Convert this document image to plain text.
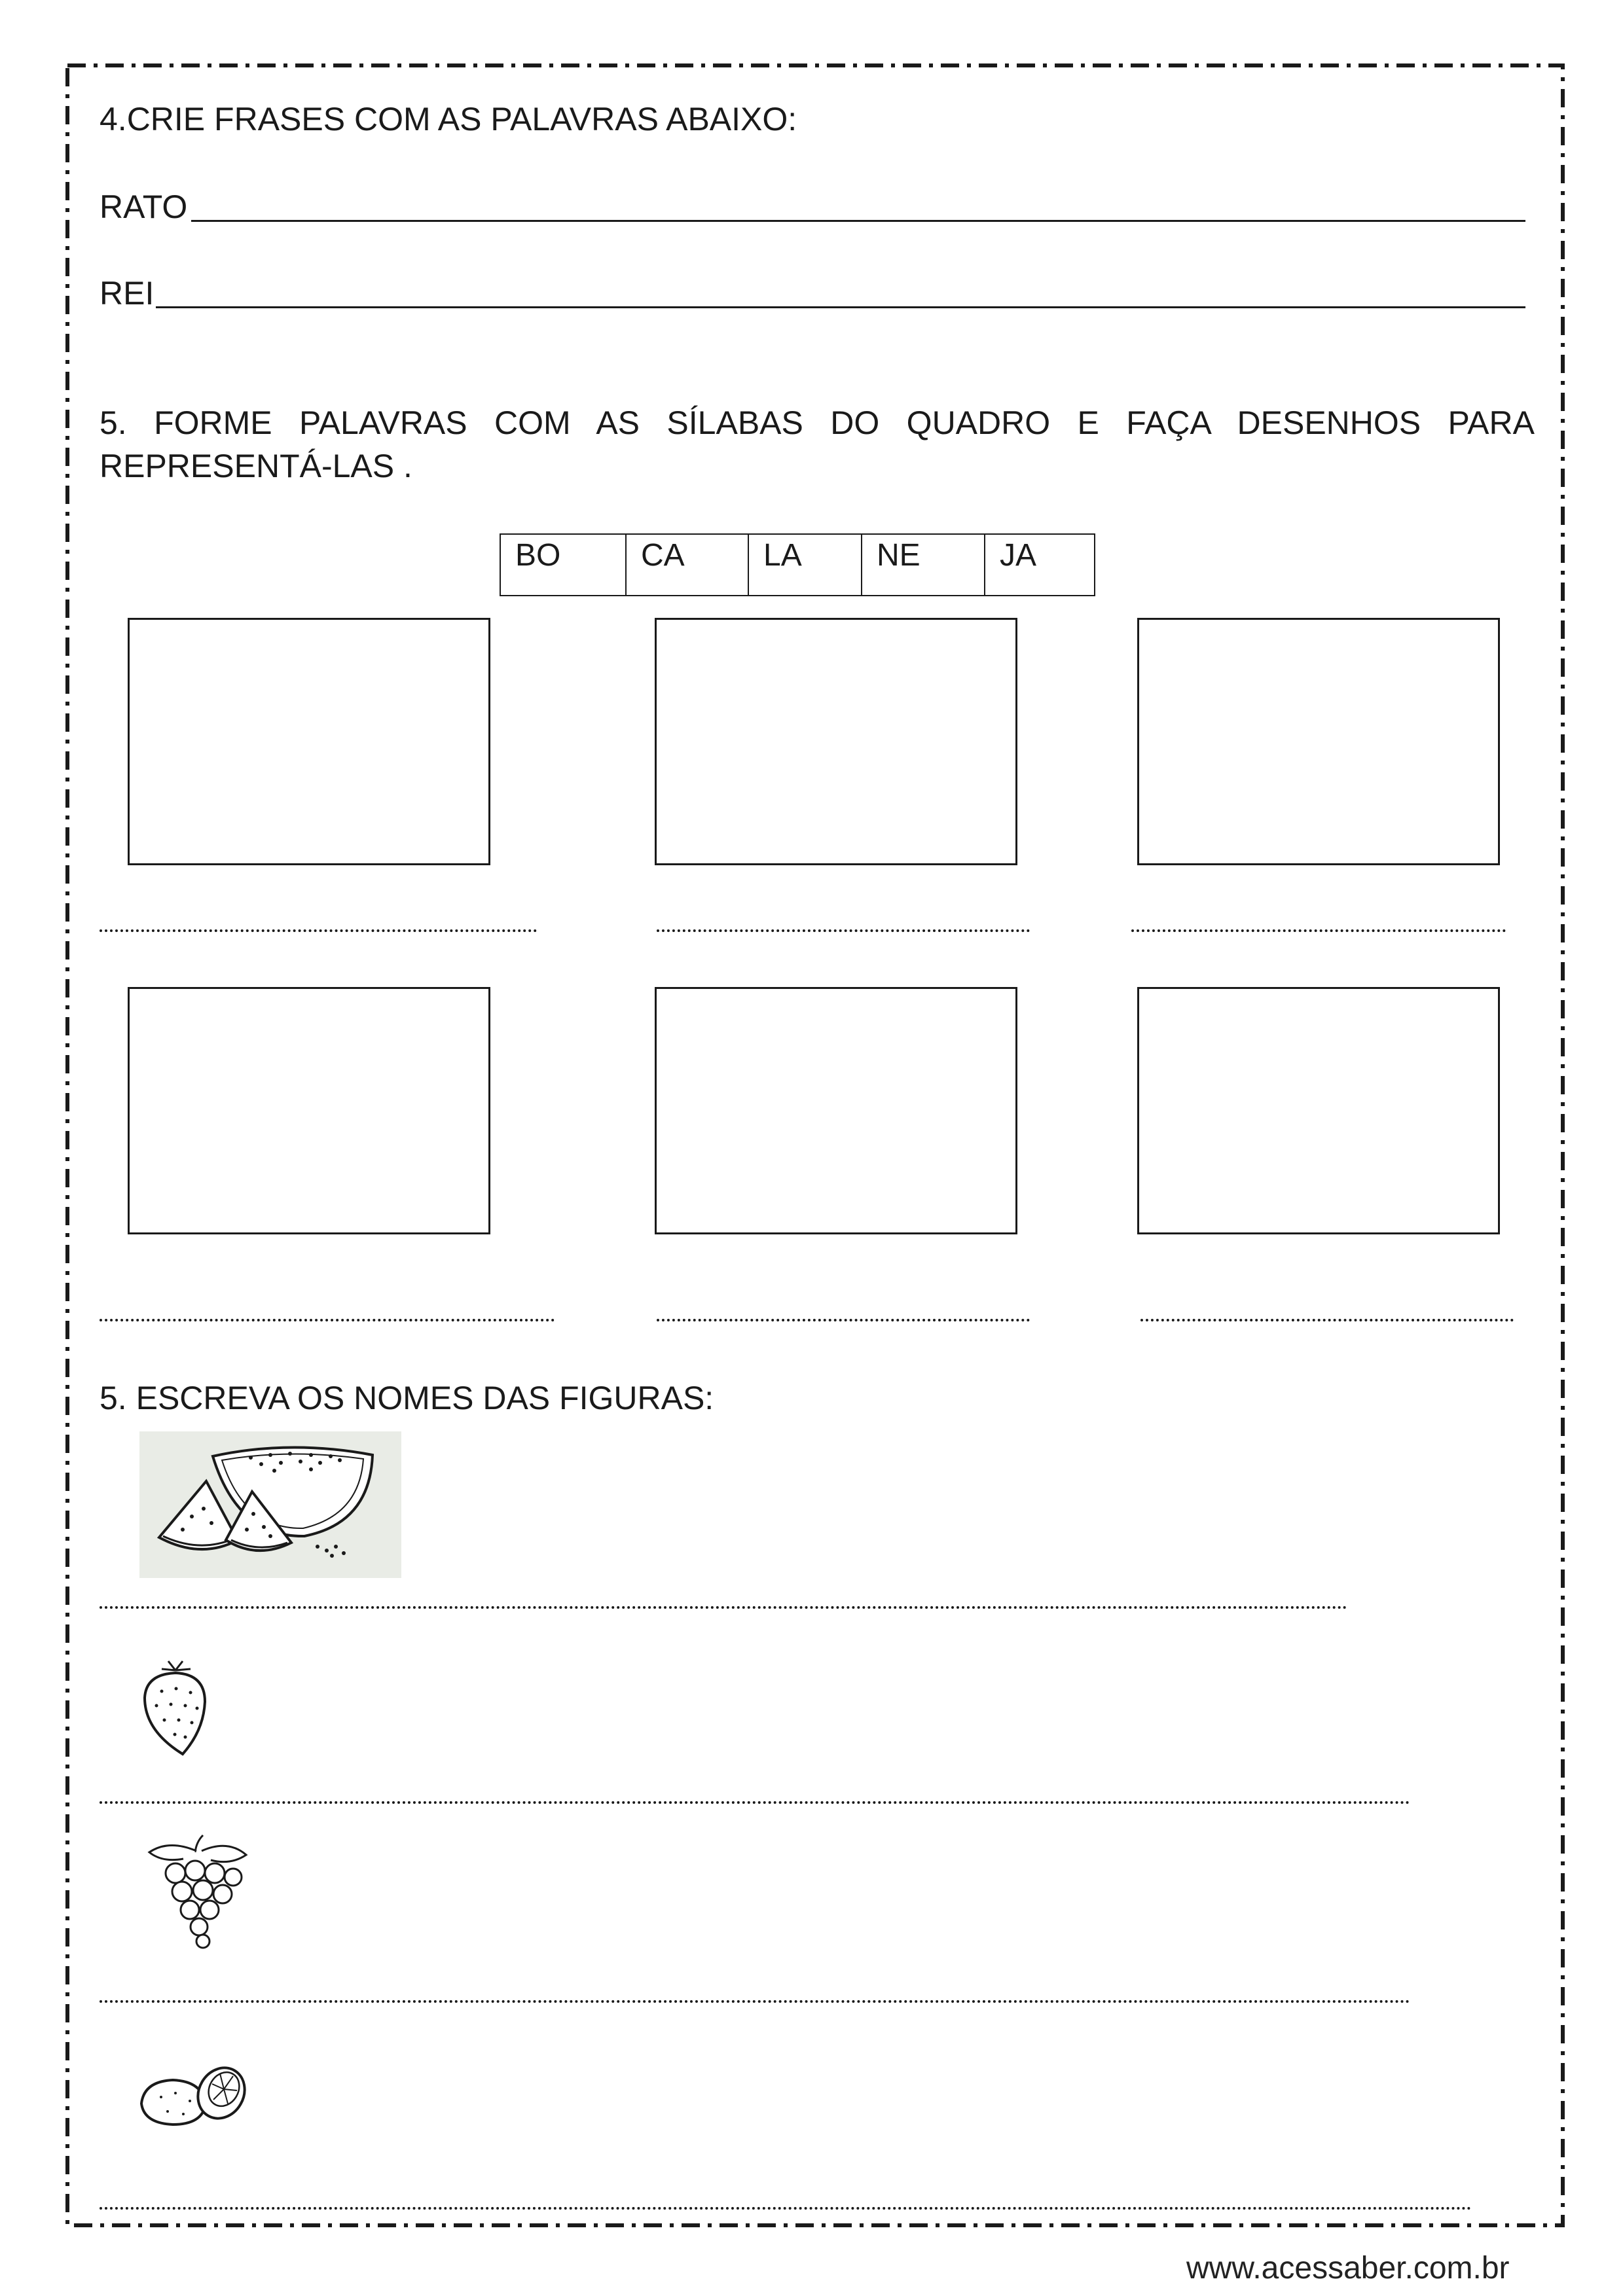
4.CRIE FRASES COM AS PALAVRAS ABAIXO:
RATO
REI
5. FORME PALAVRAS COM AS SÍLABAS DO QUADRO E FAÇA DESENHOS PARA
REPRESENTÁ-LAS .
BO	CA	LA	NE	JA
5. ESCREVA OS NOMES DAS FIGURAS:
www.acessaber.com.br
